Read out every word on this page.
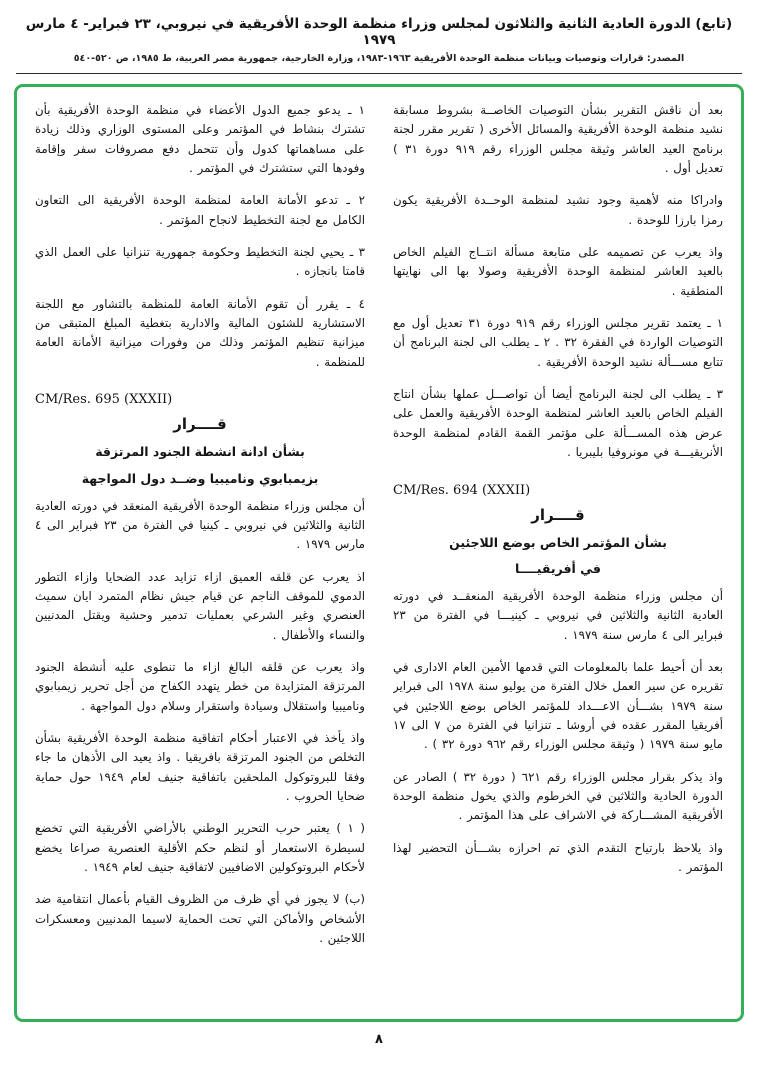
(تابع) الدورة العادية الثانية والثلاثون لمجلس وزراء منظمة الوحدة الأفريقية في نيروبي، ٢٣ فبراير- ٤ مارس ١٩٧٩
المصدر: قرارات وتوصيات وبيانات منظمة الوحدة الأفريقية ١٩٦٣-١٩٨٣، وزارة الخارجية، جمهورية مصر العربية، ط ١٩٨٥، ص ٥٢٠-٥٤٠
١ ـ يدعو جميع الدول الأعضاء في منظمة الوحدة الأفريقية بأن تشترك بنشاط في المؤتمر وعلى المستوى الوزاري وذلك زيادة على مساهماتها كدول وأن تتحمل دفع مصروفات سفر وإقامة وفودها التي ستشترك في المؤتمر .
٢ ـ تدعو الأمانة العامة لمنظمة الوحدة الأفريقية الى التعاون الكامل مع لجنة التخطيط لانجاح المؤتمر .
٣ ـ يحيي لجنة التخطيط وحكومة جمهورية تنزانيا على العمل الذي قامتا بانجازه .
٤ ـ يقرر أن تقوم الأمانة العامة للمنظمة بالتشاور مع اللجنة الاستشارية للشئون المالية والادارية بتغطية المبلغ المتبقى من ميزانية تنظيم المؤتمر وذلك من وفورات ميزانية الأمانة العامة للمنظمة .
CM/Res. 695 (XXXII)
قــــرار
بشأن ادانة انشطة الجنود المرتزقة
بزيمبابوي وناميبيا وضــد دول المواجهة
أن مجلس وزراء منظمة الوحدة الأفريقية المنعقد في دورته العادية الثانية والثلاثين في نيروبي ـ كينيا في الفترة من ٢٣ فبراير الى ٤ مارس ١٩٧٩ .
اذ يعرب عن قلقه العميق ازاء تزايد عدد الضحايا وازاء التطور الدموي للموقف الناجم عن قيام جيش نظام المتمرد ايان سميث العنصري وغير الشرعي بعمليات تدمير وحشية ويقتل المدنيين والنساء والأطفال .
واذ يعرب عن قلقه البالغ ازاء ما تنطوى عليه أنشطة الجنود المرتزقة المتزايدة من خطر يتهدد الكفاح من أجل تحرير زيمبابوي وناميبيا واستقلال وسيادة واستقرار وسلام دول المواجهة .
واذ يأخذ في الاعتبار أحكام اتفاقية منظمة الوحدة الأفريقية بشأن التخلص من الجنود المرتزقة بافريقيا . واذ يعيد الى الأذهان ما جاء وفقا للبروتوكول الملحقين باتفاقية جنيف لعام ١٩٤٩ حول حماية ضحايا الحروب .
( ١ ) يعتبر حرب التحرير الوطني بالأراضي الأفريقية التي تخضع لسيطرة الاستعمار أو لنظم حكم الأقلية العنصرية صراعا يخضع لأحكام البروتوكولين الاضافيين لاتفاقية جنيف لعام ١٩٤٩ .
(ب) لا يجوز في أي ظرف من الظروف القيام بأعمال انتقامية ضد الأشخاص والأماكن التي تحت الحماية لاسيما المدنيين ومعسكرات اللاجئين .
بعد أن ناقش التقرير بشأن التوصيات الخاصــة بشروط مسابقة نشيد منظمة الوحدة الأفريقية والمسائل الأخرى ( تقرير مقرر لجنة برنامج العيد العاشر وثيقة مجلس الوزراء رقم ٩١٩ دورة ٣١ ) تعديل أول .
وادراكا منه لأهمية وجود نشيد لمنظمة الوحــدة الأفريقية يكون رمزا بارزا للوحدة .
واذ يعرب عن تصميمه على متابعة مسألة انتــاج الفيلم الخاص بالعيد العاشر لمنظمة الوحدة الأفريقية وصولا بها الى نهايتها المنطقية .
١ ـ يعتمد تقرير مجلس الوزراء رقم ٩١٩ دورة ٣١ تعديل أول مع التوصيات الواردة في الفقرة ٣٢ . ٢ ـ يطلب الى لجنة البرنامج أن تتابع مســـألة نشيد الوحدة الأفريقية .
٣ ـ يطلب الى لجنة البرنامج أيضا أن تواصـــل عملها بشأن انتاج الفيلم الخاص بالعيد العاشر لمنظمة الوحدة الأفريقية والعمل على عرض هذه المســـألة على مؤتمر القمة القادم لمنظمة الوحدة الأنريقيـــة في مونروفيا بليبريا .
CM/Res. 694 (XXXII)
قــــرار
بشأن المؤتمر الخاص بوضع اللاجئين
في أفريقيــــا
أن مجلس وزراء منظمة الوحدة الأفريقية المنعقــد في دورته العادية الثانية والثلاثين في نيروبي ـ كينيـــا في الفترة من ٢٣ فبراير الى ٤ مارس سنة ١٩٧٩ .
بعد أن أحيط علما بالمعلومات التي قدمها الأمين العام الادارى في تقريره عن سير العمل خلال الفترة من يوليو سنة ١٩٧٨ الى فبراير سنة ١٩٧٩ بشـــأن الاعـــداد للمؤتمر الخاص بوضع اللاجئين في أفريقيا المقرر عقده في أروشا ـ تنزانيا في الفترة من ٧ الى ١٧ مايو سنة ١٩٧٩ ( وثيقة مجلس الوزراء رقم ٩٦٢ دورة ٣٢ ) .
واذ يذكر بقرار مجلس الوزراء رقم ٦٢١ ( دورة ٣٢ ) الصادر عن الدورة الحادية والثلاثين في الخرطوم والذي يخول منظمة الوحدة الأفريقية المشـــاركة في الاشراف على هذا المؤتمر .
واذ يلاحظ بارتياح التقدم الذي تم احرازه بشـــأن التحضير لهذا المؤتمر .
٨
